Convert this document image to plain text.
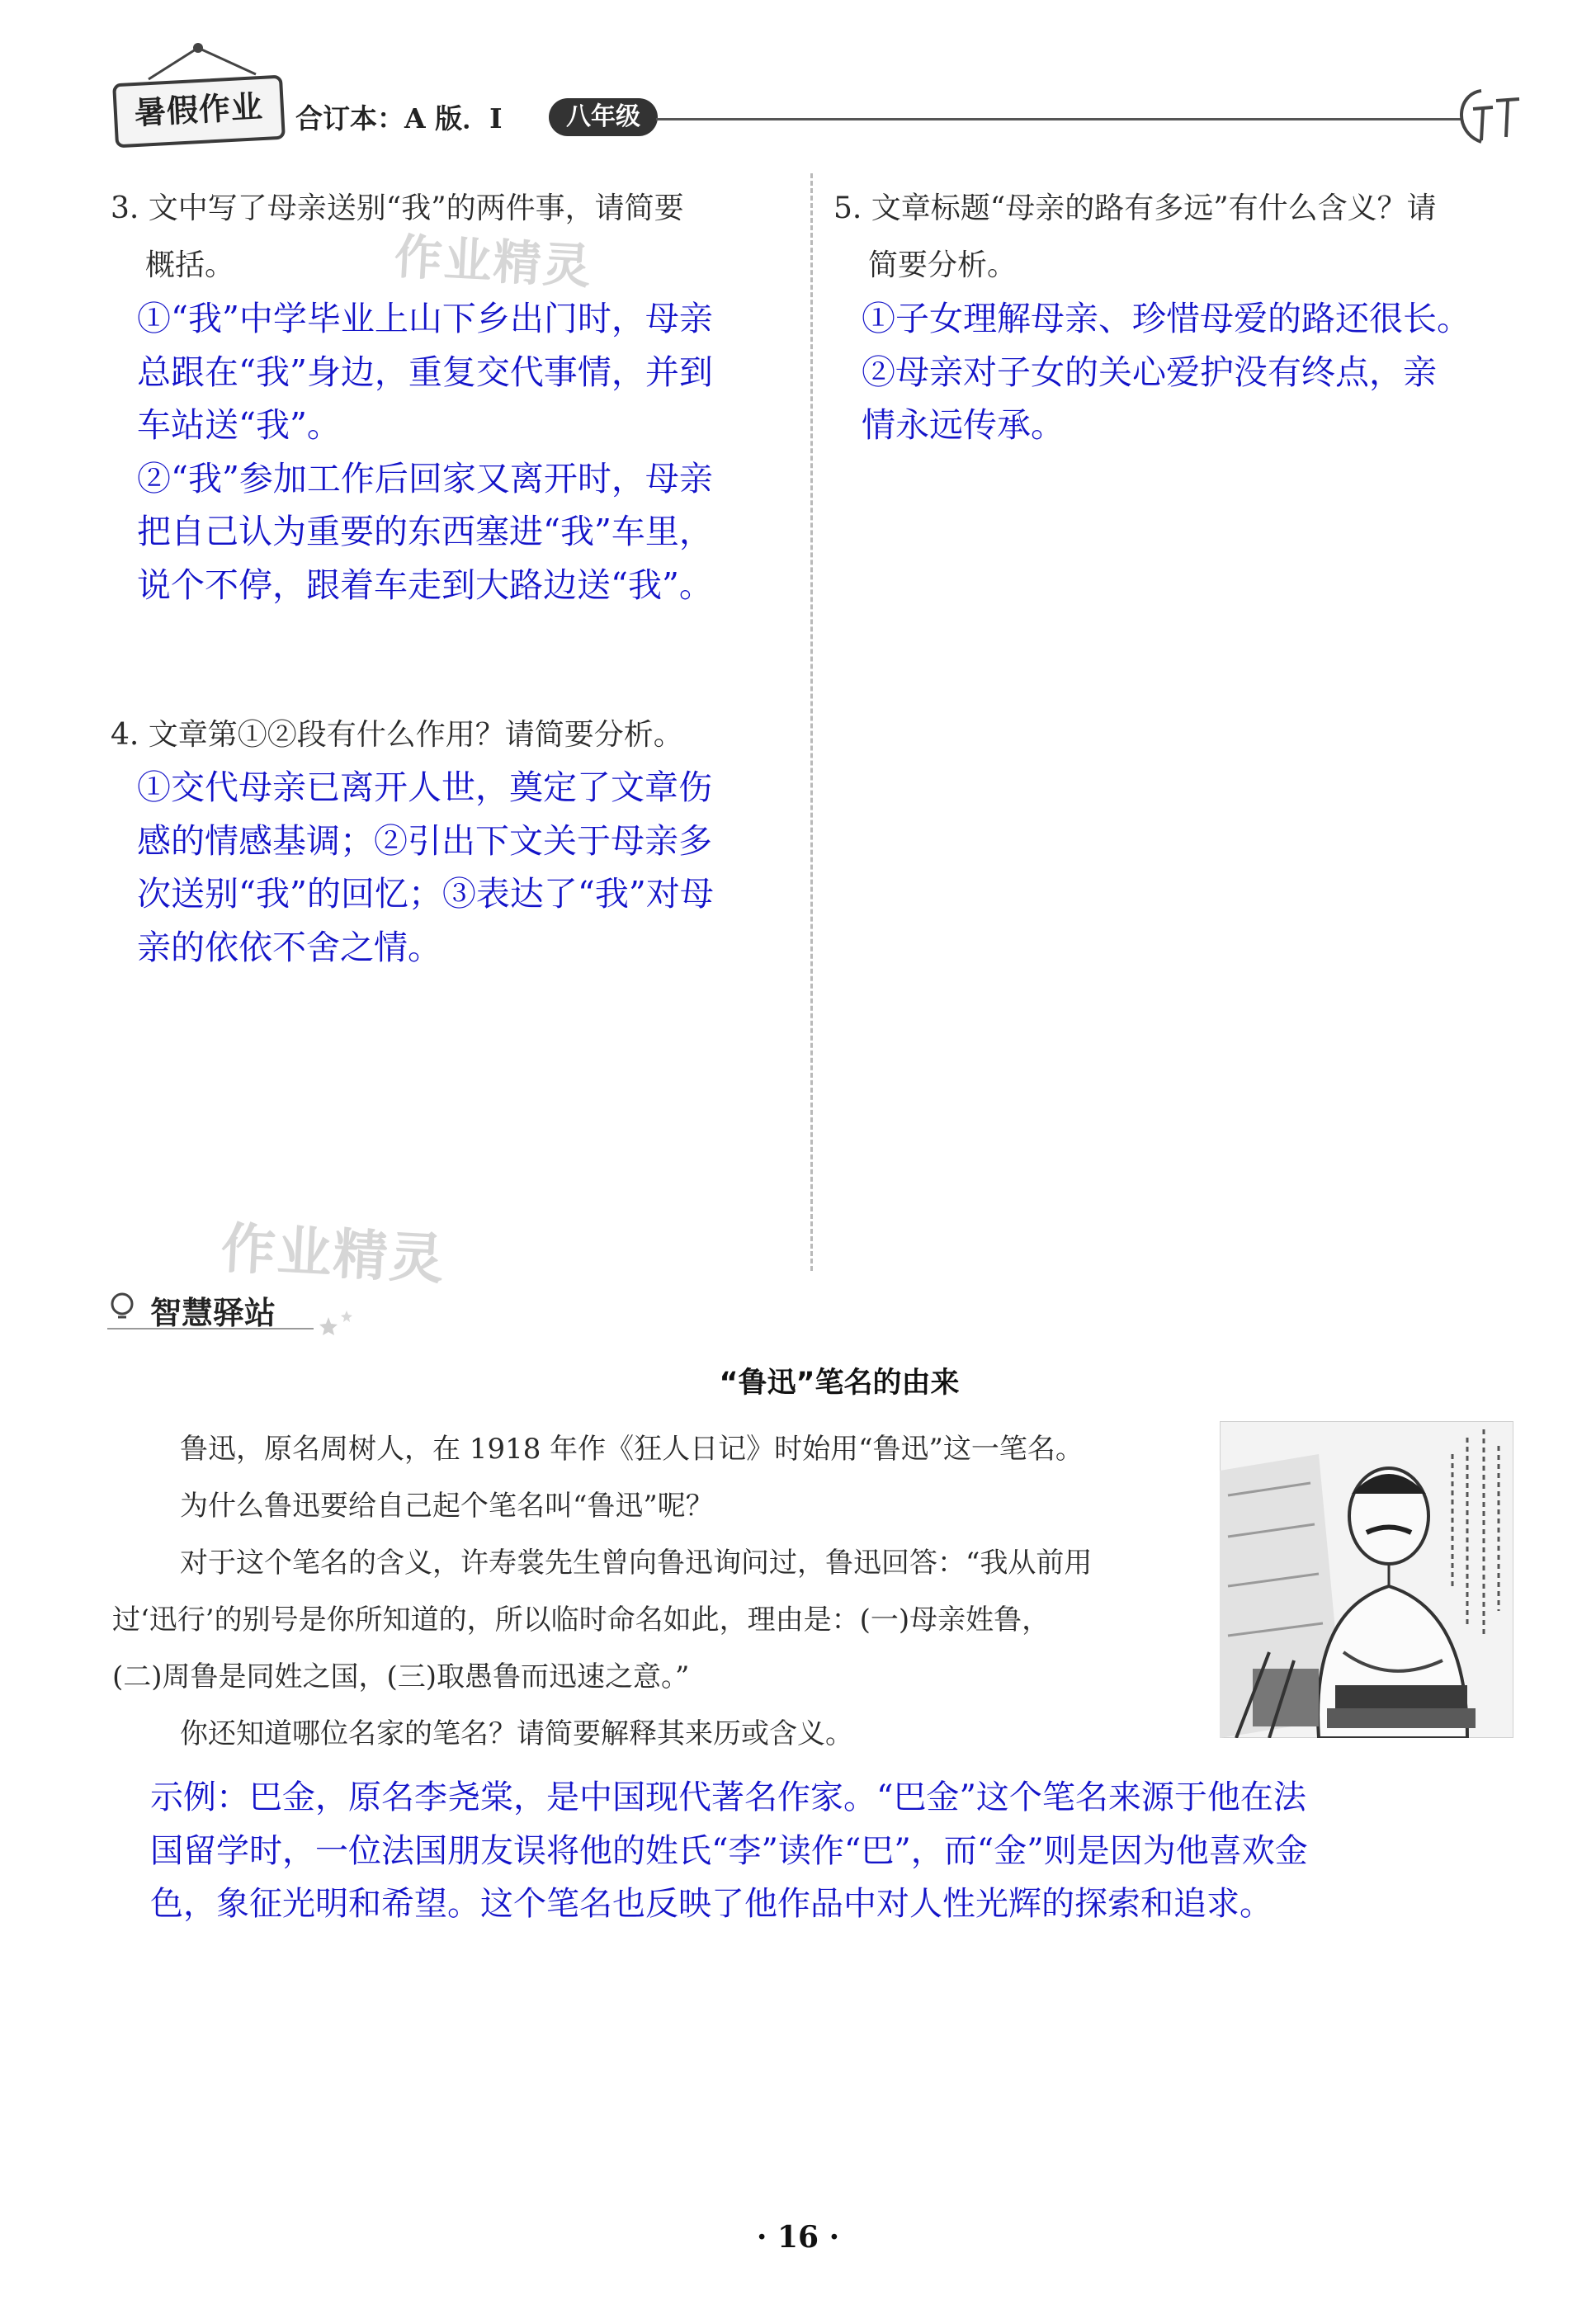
暑假作业	合订本：A 版．I	八年级
3. 文中写了母亲送别“我”的两件事，请简要
概括。

①“我”中学毕业上山下乡出门时，母亲

总跟在“我”身边，重复交代事情，并到

车站送“我”。

②“我”参加工作后回家又离开时，母亲

把自己认为重要的东西塞进“我”车里，

说个不停，跟着车走到大路边送“我”。

作业精灵
4. 文章第①②段有什么作用？请简要分析。

①交代母亲已离开人世，奠定了文章伤

感的情感基调；②引出下文关于母亲多

次送别“我”的回忆；③表达了“我”对母

亲的依依不舍之情。

作业精灵
5. 文章标题“母亲的路有多远”有什么含义？请
简要分析。

①子女理解母亲、珍惜母爱的路还很长。

②母亲对子女的关心爱护没有终点，亲

情永远传承。

智慧驿站
“鲁迅”笔名的由来
鲁迅，原名周树人，在 1918 年作《狂人日记》时始用“鲁迅”这一笔名。
为什么鲁迅要给自己起个笔名叫“鲁迅”呢？
对于这个笔名的含义，许寿裳先生曾向鲁迅询问过，鲁迅回答：“我从前用
过‘迅行’的别号是你所知道的，所以临时命名如此，理由是：(一)母亲姓鲁，
(二)周鲁是同姓之国，(三)取愚鲁而迅速之意。”
你还知道哪位名家的笔名？请简要解释其来历或含义。

示例：巴金，原名李尧棠，是中国现代著名作家。“巴金”这个笔名来源于他在法

国留学时，一位法国朋友误将他的姓氏“李”读作“巴”，而“金”则是因为他喜欢金

色，象征光明和希望。这个笔名也反映了他作品中对人性光辉的探索和追求。

· 16 ·
